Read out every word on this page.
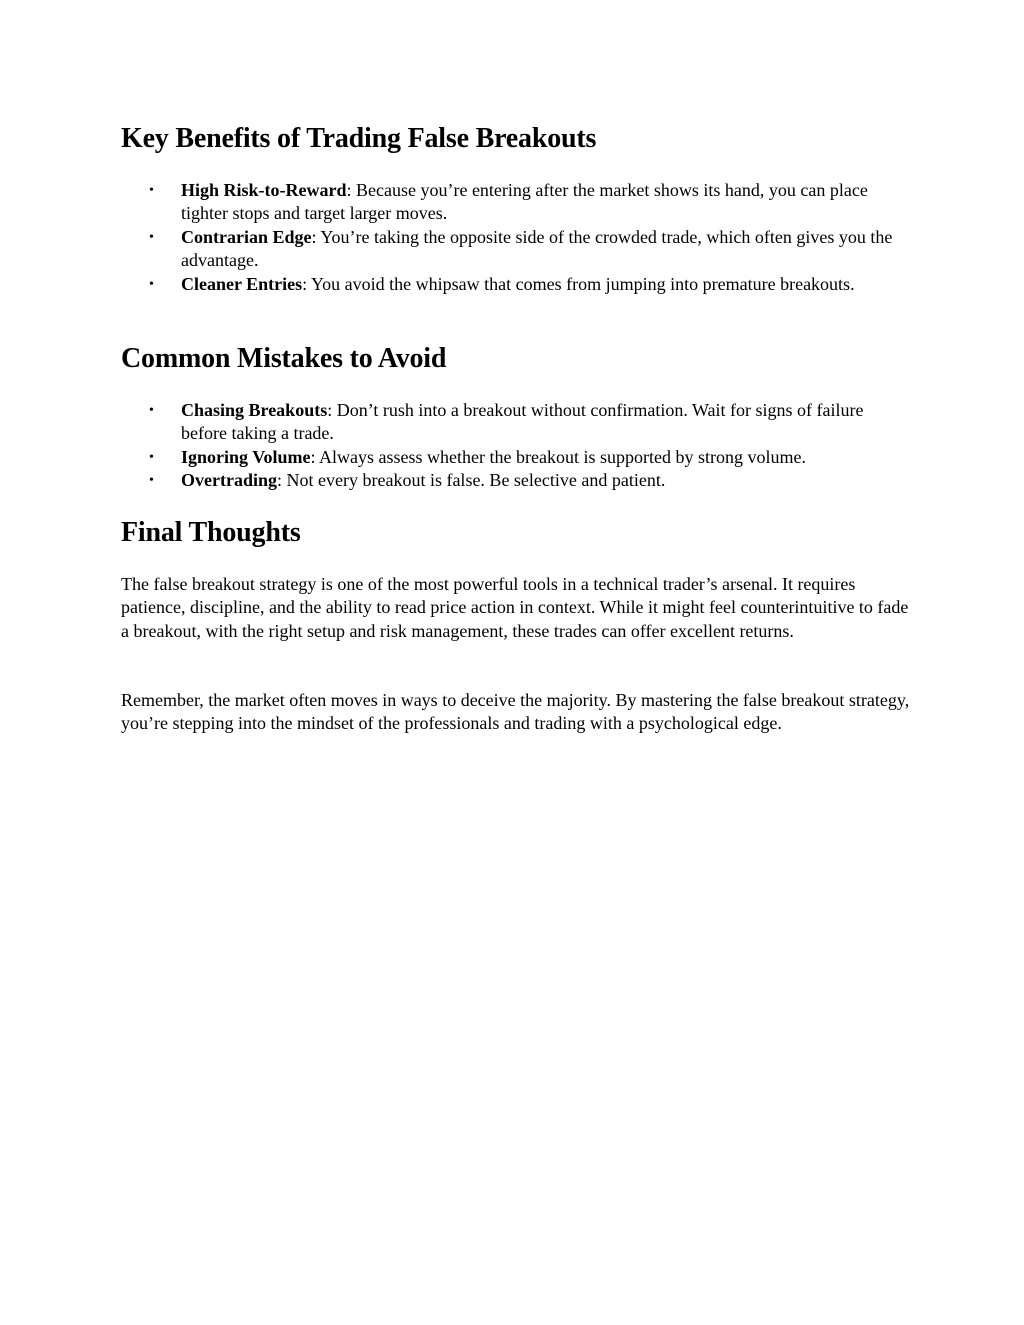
Key Benefits of Trading False Breakouts
• High Risk-to-Reward: Because you’re entering after the market shows its hand, you can place tighter stops and target larger moves.
• Contrarian Edge: You’re taking the opposite side of the crowded trade, which often gives you the advantage.
• Cleaner Entries: You avoid the whipsaw that comes from jumping into premature breakouts.
Common Mistakes to Avoid
• Chasing Breakouts: Don’t rush into a breakout without confirmation. Wait for signs of failure before taking a trade.
• Ignoring Volume: Always assess whether the breakout is supported by strong volume.
• Overtrading: Not every breakout is false. Be selective and patient.
Final Thoughts

The false breakout strategy is one of the most powerful tools in a technical trader’s arsenal. It requires patience, discipline, and the ability to read price action in context. While it might feel counterintuitive to fade a breakout, with the right setup and risk management, these trades can offer excellent returns.

Remember, the market often moves in ways to deceive the majority. By mastering the false breakout strategy, you’re stepping into the mindset of the professionals and trading with a psychological edge.
